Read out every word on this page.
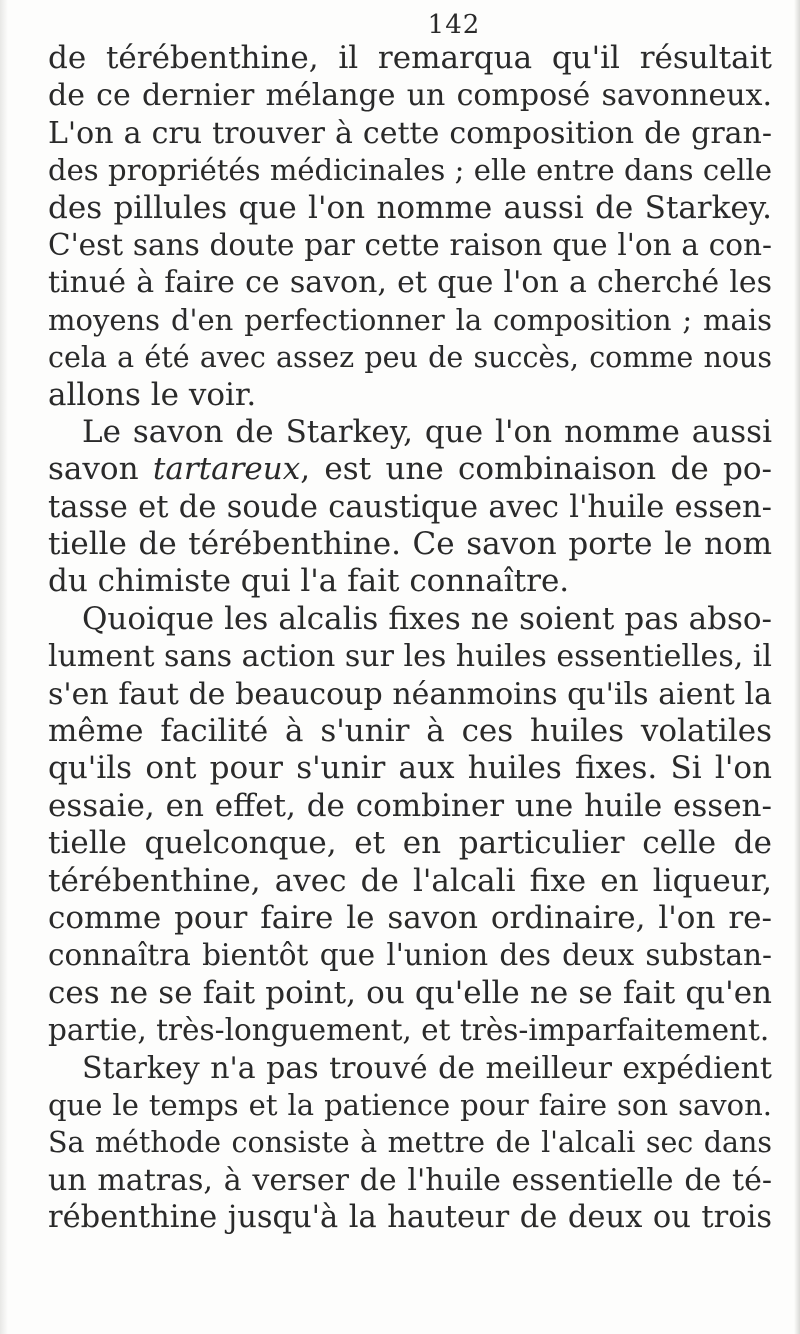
142
de térébenthine, il remarqua qu'il résultait
de ce dernier mélange un composé savonneux.
L'on a cru trouver à cette composition de gran-
des propriétés médicinales ; elle entre dans celle
des pillules que l'on nomme aussi de Starkey.
C'est sans doute par cette raison que l'on a con-
tinué à faire ce savon, et que l'on a cherché les
moyens d'en perfectionner la composition ; mais
cela a été avec assez peu de succès, comme nous
allons le voir.
Le savon de Starkey, que l'on nomme aussi
savon tartareux, est une combinaison de po-
tasse et de soude caustique avec l'huile essen-
tielle de térébenthine. Ce savon porte le nom
du chimiste qui l'a fait connaître.
Quoique les alcalis fixes ne soient pas abso-
lument sans action sur les huiles essentielles, il
s'en faut de beaucoup néanmoins qu'ils aient la
même facilité à s'unir à ces huiles volatiles
qu'ils ont pour s'unir aux huiles fixes. Si l'on
essaie, en effet, de combiner une huile essen-
tielle quelconque, et en particulier celle de
térébenthine, avec de l'alcali fixe en liqueur,
comme pour faire le savon ordinaire, l'on re-
connaîtra bientôt que l'union des deux substan-
ces ne se fait point, ou qu'elle ne se fait qu'en
partie, très-longuement, et très-imparfaitement.
Starkey n'a pas trouvé de meilleur expédient
que le temps et la patience pour faire son savon.
Sa méthode consiste à mettre de l'alcali sec dans
un matras, à verser de l'huile essentielle de té-
rébenthine jusqu'à la hauteur de deux ou trois
